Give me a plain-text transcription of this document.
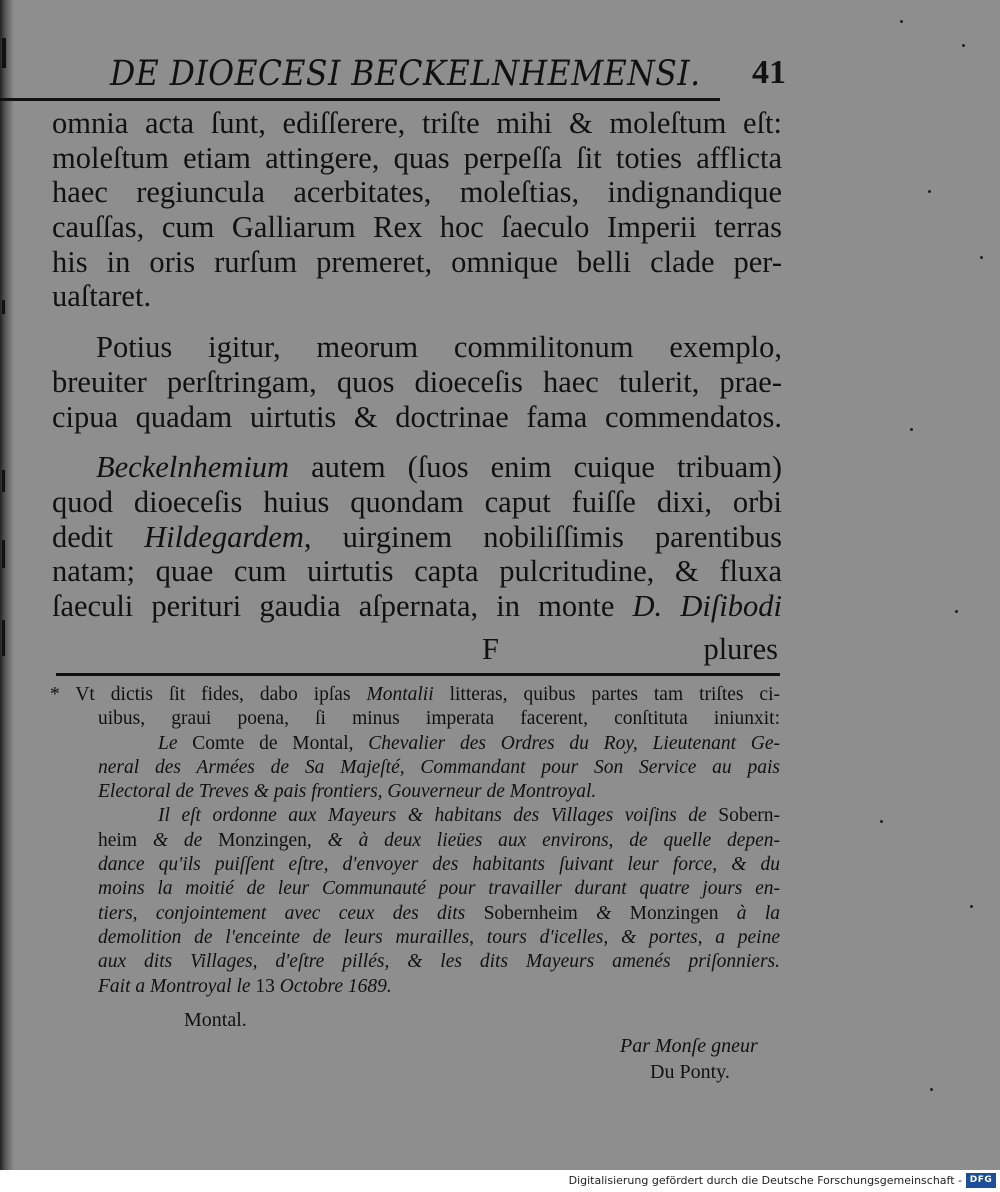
DE DIOECESI BECKELNHEMENSI. 41
omnia acta ſunt, ediſſerere, triſte mihi & moleſtum eſt:
moleſtum etiam attingere, quas perpeſſa ſit toties afflicta
haec regiuncula acerbitates, moleſtias, indignandique
cauſſas, cum Galliarum Rex hoc ſaeculo Imperii terras
his in oris rurſum premeret, omnique belli clade per-
uaſtaret.
Potius igitur, meorum commilitonum exemplo,
breuiter perſtringam, quos dioeceſis haec tulerit, prae-
cipua quadam uirtutis & doctrinae fama commendatos.
Beckelnhemium autem (ſuos enim cuique tribuam)
quod dioeceſis huius quondam caput fuiſſe dixi, orbi
dedit Hildegardem, uirginem nobiliſſimis parentibus
natam; quae cum uirtutis capta pulcritudine, & fluxa
ſaeculi perituri gaudia aſpernata, in monte D. Diſibodi
F	plures
* Vt dictis ſit fides, dabo ipſas Montalii litteras, quibus partes tam triſtes ci-
uibus, graui poena, ſi minus imperata facerent, conſtituta iniunxit:
Le Comte de Montal, Chevalier des Ordres du Roy, Lieutenant Ge-
neral des Armées de Sa Majeſté, Commandant pour Son Service au pais
Electoral de Treves & pais frontiers, Gouverneur de Montroyal.
Il eſt ordonne aux Mayeurs & habitans des Villages voiſins de Sobern-
heim & de Monzingen, & à deux lieües aux environs, de quelle depen-
dance qu'ils puiſſent eſtre, d'envoyer des habitants ſuivant leur force, & du
moins la moitié de leur Communauté pour travailler durant quatre jours en-
tiers, conjointement avec ceux des dits Sobernheim & Monzingen à la
demolition de l'enceinte de leurs murailles, tours d'icelles, & portes, a peine
aux dits Villages, d'eſtre pillés, & les dits Mayeurs amenés priſonniers.
Fait a Montroyal le 13 Octobre 1689.
Montal.
Par Monſe gneur
Du Ponty.
Digitalisierung gefördert durch die Deutsche Forschungsgemeinschaft - DFG
